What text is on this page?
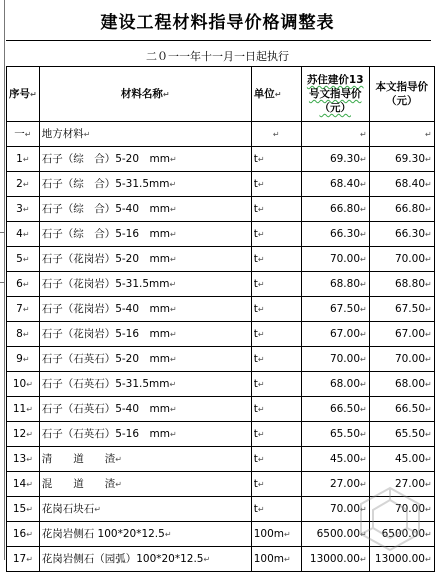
建设工程材料指导价格调整表
二０一一年十一月一日起执行
序号↵	材料名称↵	单位↵	苏住建价13号文指导价（元）	本文指导价（元）
一↵	地方材料↵	↵	↵	↵
1↵	石子（综　合）5-20　mm↵	t↵	69.30↵	69.30↵
2↵	石子（综　合）5-31.5mm↵	t↵	68.40↵	68.40↵
3↵	石子（综　合）5-40　mm↵	t↵	66.80↵	66.80↵
4↵	石子（综　合）5-16　mm↵	t↵	66.30↵	66.30↵
5↵	石子（花岗岩）5-20　mm↵	t↵	70.00↵	70.00↵
6↵	石子（花岗岩）5-31.5mm↵	t↵	68.80↵	68.80↵
7↵	石子（花岗岩）5-40　mm↵	t↵	67.50↵	67.50↵
8↵	石子（花岗岩）5-16　mm↵	t↵	67.00↵	67.00↵
9↵	石子（石英石）5-20　mm↵	t↵	70.00↵	70.00↵
10↵	石子（石英石）5-31.5mm↵	t↵	68.00↵	68.00↵
11↵	石子（石英石）5-40　mm↵	t↵	66.50↵	66.50↵
12↵	石子（石英石）5-16　mm↵	t↵	65.50↵	65.50↵
13↵	清　　道　　渣↵	t↵	45.00↵	45.00↵
14↵	混　　道　　渣↵	t↵	27.00↵	27.00↵
15↵	花岗石块石↵	t↵	70.00↵	70.00↵
16↵	花岗岩侧石 100*20*12.5↵	100m↵	6500.00↵	6500.00↵
17↵	花岗岩侧石（园弧）100*20*12.5↵	100m↵	13000.00↵	13000.00↵
